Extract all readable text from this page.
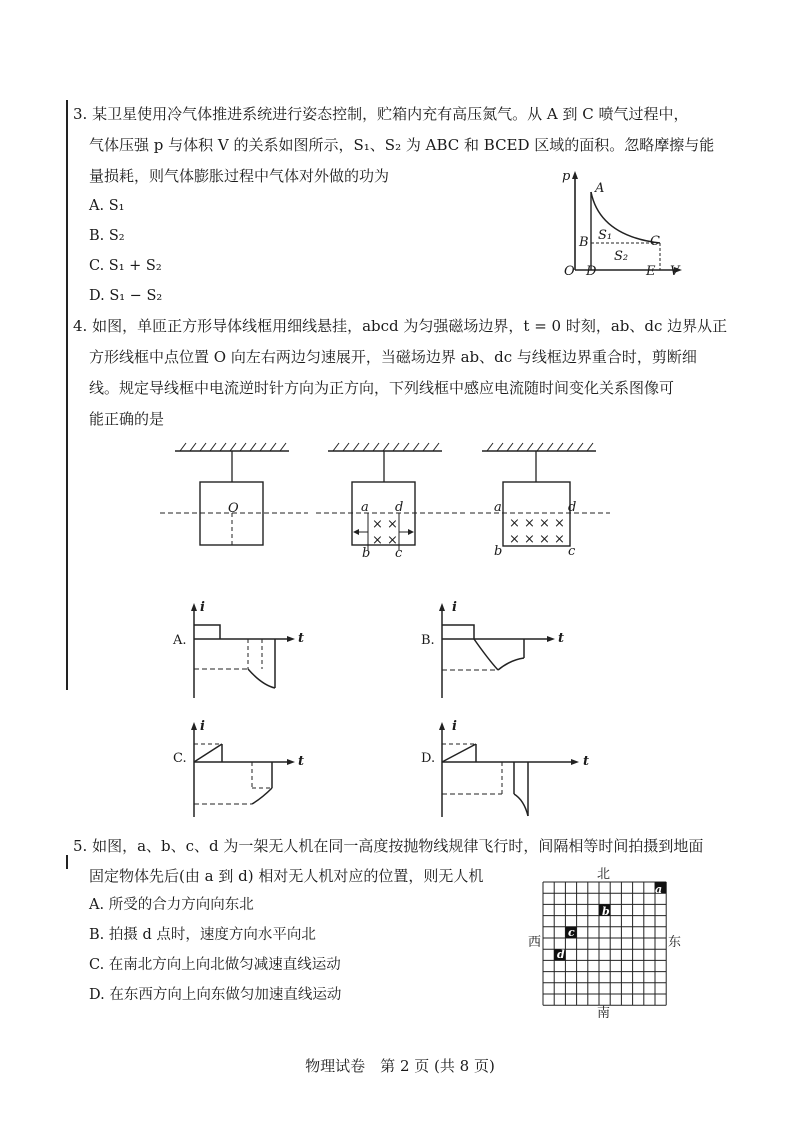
3. 某卫星使用冷气体推进系统进行姿态控制，贮箱内充有高压氮气。从 A 到 C 喷气过程中，
气体压强 p 与体积 V 的关系如图所示，S₁、S₂ 为 ABC 和 BCED 区域的面积。忽略摩擦与能
量损耗，则气体膨胀过程中气体对外做的功为
A. S₁
B. S₂
C. S₁ + S₂
D. S₁ − S₂
p
A
B S₁	C
S₂
O D	E V
4. 如图，单匝正方形导体线框用细线悬挂，abcd 为匀强磁场边界，t = 0 时刻，ab、dc 边界从正
方形线框中点位置 O 向左右两边匀速展开，当磁场边界 ab、dc 与线框边界重合时，剪断细
线。规定导线框中电流逆时针方向为正方向，下列线框中感应电流随时间变化关系图像可
能正确的是
O
× ×
× ×
a d
b c
× × × ×
× × × ×
a	d
b	c
A.
i
t	B.
i
t
C.
i
t	D.
i
t
5. 如图，a、b、c、d 为一架无人机在同一高度按抛物线规律飞行时，间隔相等时间拍摄到地面
固定物体先后(由 a 到 d) 相对无人机对应的位置，则无人机
A. 所受的合力方向向东北
B. 拍摄 d 点时，速度方向水平向北
C. 在南北方向上向北做匀减速直线运动
D. 在东西方向上向东做匀加速直线运动
北
南
西	东
a
b
c
d
物理试卷　第 2 页 (共 8 页)
